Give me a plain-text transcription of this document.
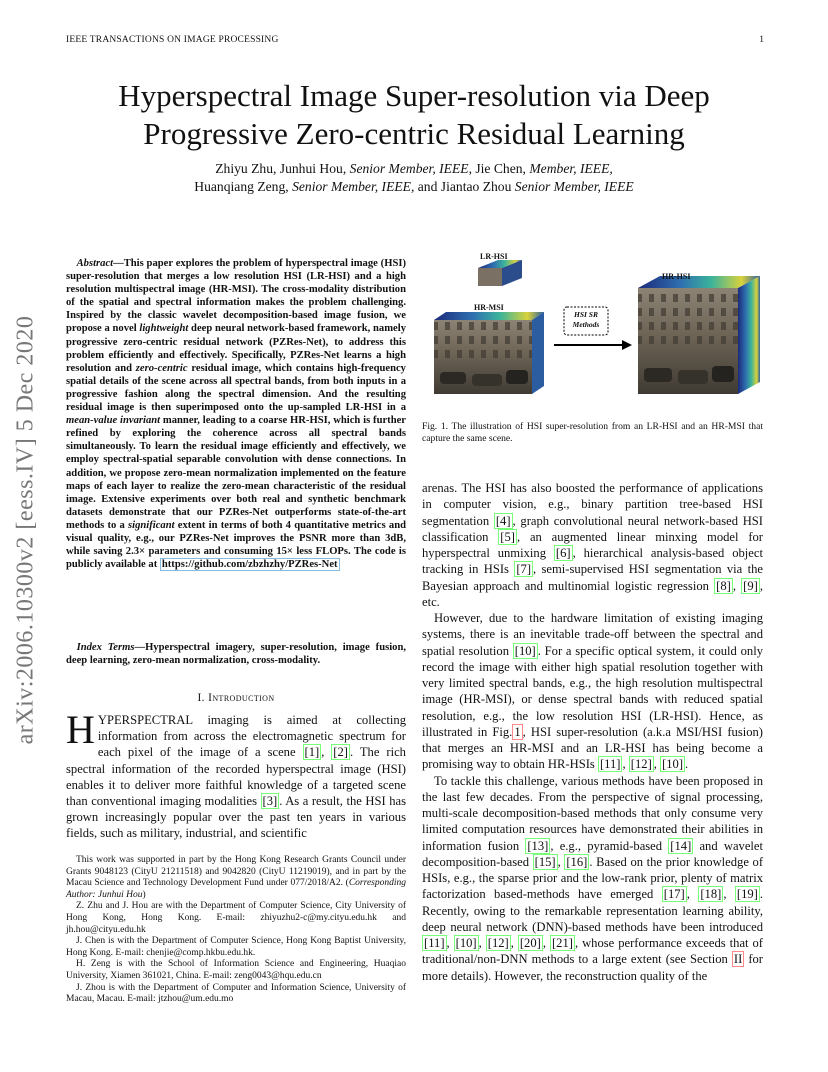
IEEE TRANSACTIONS ON IMAGE PROCESSING	1
Hyperspectral Image Super-resolution via Deep
Progressive Zero-centric Residual Learning
Zhiyu Zhu, Junhui Hou, Senior Member, IEEE, Jie Chen, Member, IEEE,
Huanqiang Zeng, Senior Member, IEEE, and Jiantao Zhou Senior Member, IEEE
arXiv:2006.10300v2 [eess.IV] 5 Dec 2020
 Abstract—This paper explores the problem of hyperspectral image (HSI) super-resolution that merges a low resolution HSI (LR-HSI) and a high resolution multispectral image (HR-MSI). The cross-modality distribution of the spatial and spectral information makes the problem challenging. Inspired by the classic wavelet decomposition-based image fusion, we propose a novel lightweight deep neural network-based framework, namely progressive zero-centric residual network (PZRes-Net), to address this problem efficiently and effectively. Specifically, PZRes-Net learns a high resolution and zero-centric residual image, which contains high-frequency spatial details of the scene across all spectral bands, from both inputs in a progressive fashion along the spectral dimension. And the resulting residual image is then superimposed onto the up-sampled LR-HSI in a mean-value invariant manner, leading to a coarse HR-HSI, which is further refined by exploring the coherence across all spectral bands simultaneously. To learn the residual image efficiently and effectively, we employ spectral-spatial separable convolution with dense connections. In addition, we propose zero-mean normalization implemented on the feature maps of each layer to realize the zero-mean characteristic of the residual image. Extensive experiments over both real and synthetic benchmark datasets demonstrate that our PZRes-Net outperforms state-of-the-art methods to a significant extent in terms of both 4 quantitative metrics and visual quality, e.g., our PZRes-Net improves the PSNR more than 3dB, while saving 2.3× parameters and consuming 15× less FLOPs. The code is publicly available at https://github.com/zbzhzhy/PZRes-Net
 Index Terms—Hyperspectral imagery, super-resolution, image fusion, deep learning, zero-mean normalization, cross-modality.
I. Introduction
HYPERSPECTRAL imaging is aimed at collecting information from across the electromagnetic spectrum for each pixel of the image of a scene [1] , [2] . The rich spectral information of the recorded hyperspectral image (HSI) enables it to deliver more faithful knowledge of a targeted scene than conventional imaging modalities [3] . As a result, the HSI has grown increasingly popular over the past ten years in various fields, such as military, industrial, and scientific

This work was supported in part by the Hong Kong Research Grants Council under Grants 9048123 (CityU 21211518) and 9042820 (CityU 11219019), and in part by the Macau Science and Technology Development Fund under 077/2018/A2. (Corresponding Author: Junhui Hou)

Z. Zhu and J. Hou are with the Department of Computer Science, City University of Hong Kong, Hong Kong. E-mail: zhiyuzhu2-c@my.cityu.edu.hk and jh.hou@cityu.edu.hk

J. Chen is with the Department of Computer Science, Hong Kong Baptist University, Hong Kong. E-mail: chenjie@comp.hkbu.edu.hk.

H. Zeng is with the School of Information Science and Engineering, Huaqiao University, Xiamen 361021, China. E-mail: zeng0043@hqu.edu.cn

J. Zhou is with the Department of Computer and Information Science, University of Macau, Macau. E-mail: jtzhou@um.edu.mo

LR-HSI
HR-MSI
HR-HSI
HSI SR
Methods
Fig. 1. The illustration of HSI super-resolution from an LR-HSI and an HR-MSI that capture the same scene.

arenas. The HSI has also boosted the performance of applications in computer vision, e.g., binary partition tree-based HSI segmentation [4] , graph convolutional neural network-based HSI classification [5] , an augmented linear minxing model for hyperspectral unmixing [6] , hierarchical analysis-based object tracking in HSIs [7] , semi-supervised HSI segmentation via the Bayesian approach and multinomial logistic regression [8] , [9] , etc.

However, due to the hardware limitation of existing imaging systems, there is an inevitable trade-off between the spectral and spatial resolution [10] . For a specific optical system, it could only record the image with either high spatial resolution together with very limited spectral bands, e.g., the high resolution multispectral image (HR-MSI), or dense spectral bands with reduced spatial resolution, e.g., the low resolution HSI (LR-HSI). Hence, as illustrated in Fig. 1 , HSI super-resolution (a.k.a MSI/HSI fusion) that merges an HR-MSI and an LR-HSI has being become a promising way to obtain HR-HSIs [11] , [12] , [10] .

To tackle this challenge, various methods have been proposed in the last few decades. From the perspective of signal processing, multi-scale decomposition-based methods that only consume very limited computation resources have demonstrated their abilities in information fusion [13] , e.g., pyramid-based [14] and wavelet decomposition-based [15] , [16] . Based on the prior knowledge of HSIs, e.g., the sparse prior and the low-rank prior, plenty of matrix factorization based-methods have emerged [17] , [18] , [19] . Recently, owing to the remarkable representation learning ability, deep neural network (DNN)-based methods have been introduced [11] , [10] , [12] , [20] , [21] , whose performance exceeds that of traditional/non-DNN methods to a large extent (see Section II for more details). However, the reconstruction quality of the
